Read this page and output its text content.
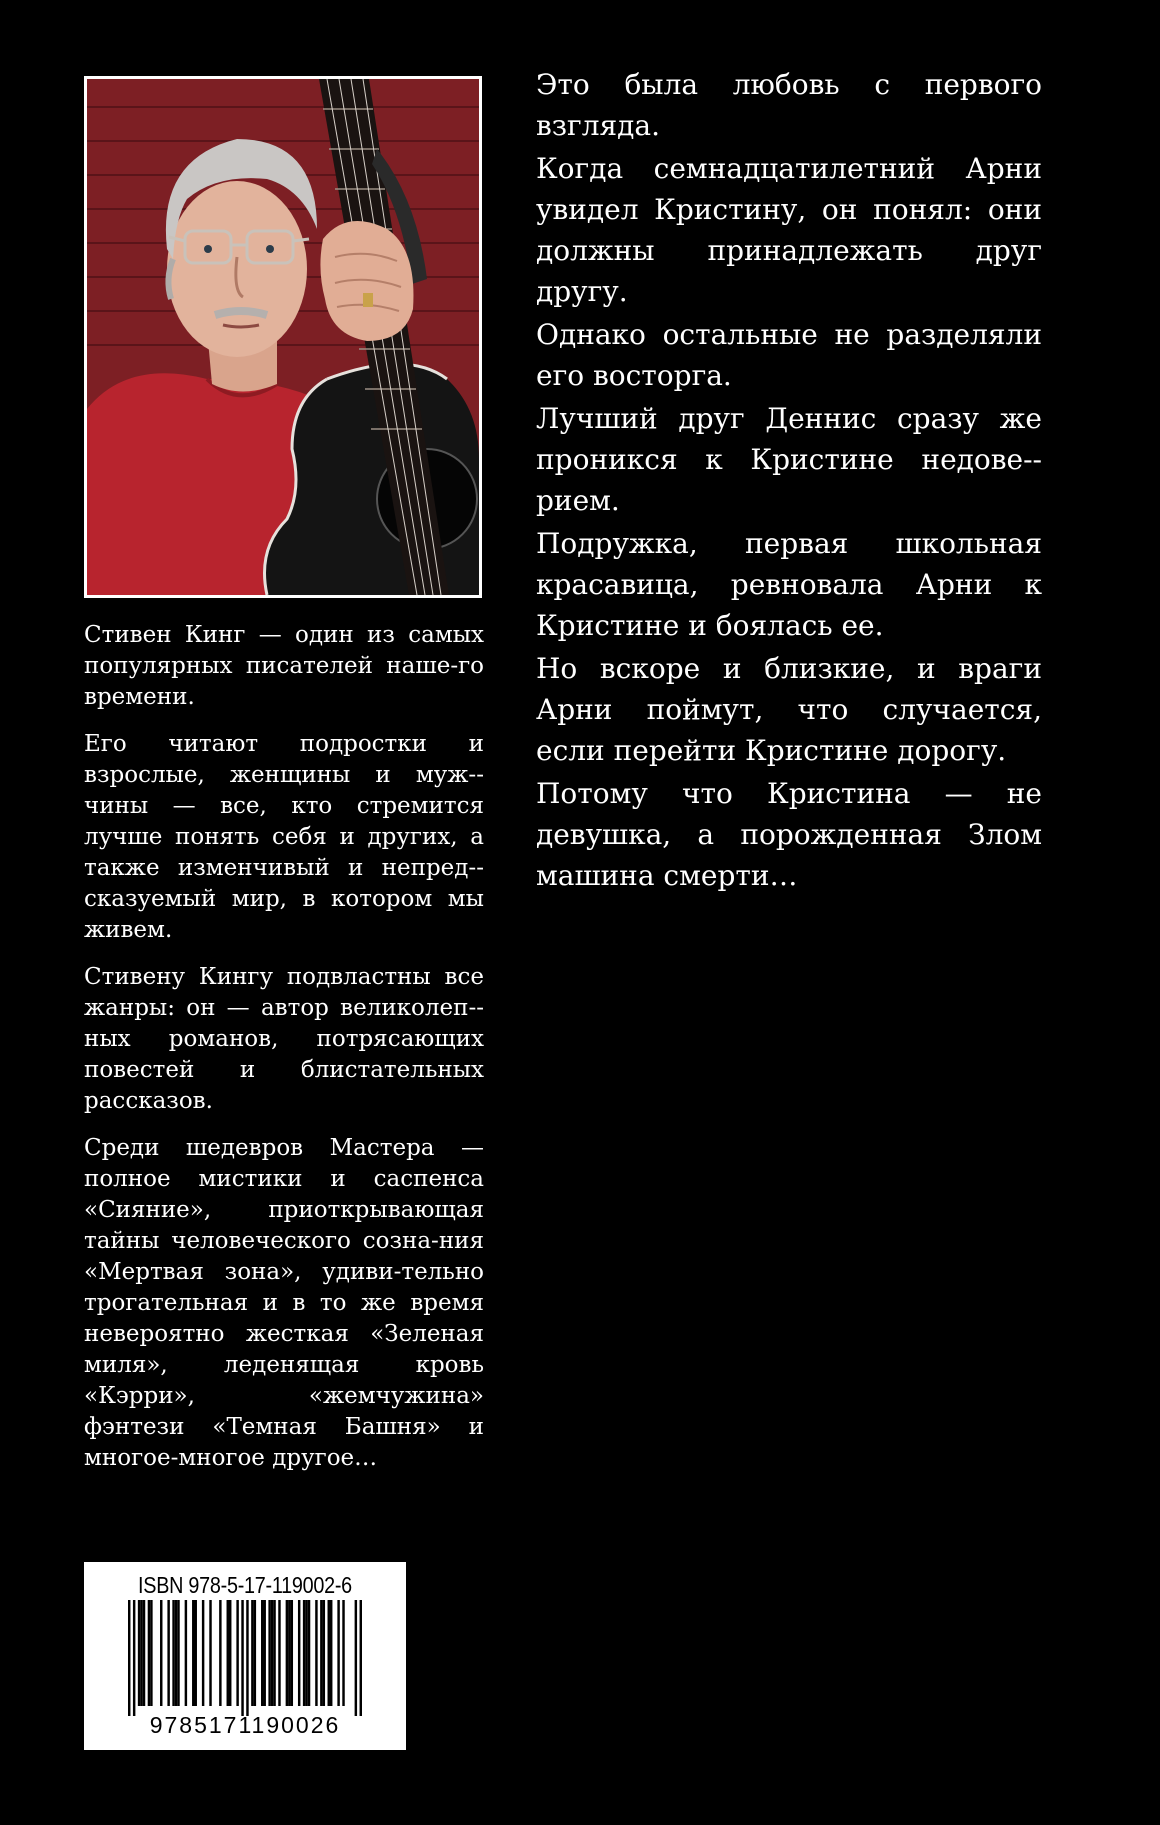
Стивен Кинг — один из самых популярных писателей наше-го времени.

Его читают подростки и взрослые, женщины и муж-чины — все, кто стремится лучше понять себя и других, а также изменчивый и непред-сказуемый мир, в котором мы живем.

Стивену Кингу подвластны все жанры: он — автор великолеп-ных романов, потрясающих повестей и блистательных рассказов.

Среди шедевров Мастера — полное мистики и саспенса «Сияние», приоткрывающая тайны человеческого созна-ния «Мертвая зона», удиви-тельно трогательная и в то же время невероятно жесткая «Зеленая миля», леденящая кровь «Кэрри», «жемчужина» фэнтези «Темная Башня» и многое-многое другое…

Это была любовь с первого взгляда.

Когда семнадцатилетний Арни увидел Кристину, он понял: они должны принадлежать друг другу.

Однако остальные не разделяли его восторга.

Лучший друг Деннис сразу же проникся к Кристине недове-рием.

Подружка, первая школьная красавица, ревновала Арни к Кристине и боялась ее.

Но вскоре и близкие, и враги Арни поймут, что случается, если перейти Кристине дорогу.

Потому что Кристина — не девушка, а порожденная Злом машина смерти…

ISBN 978-5-17-119002-6
9785171190026
